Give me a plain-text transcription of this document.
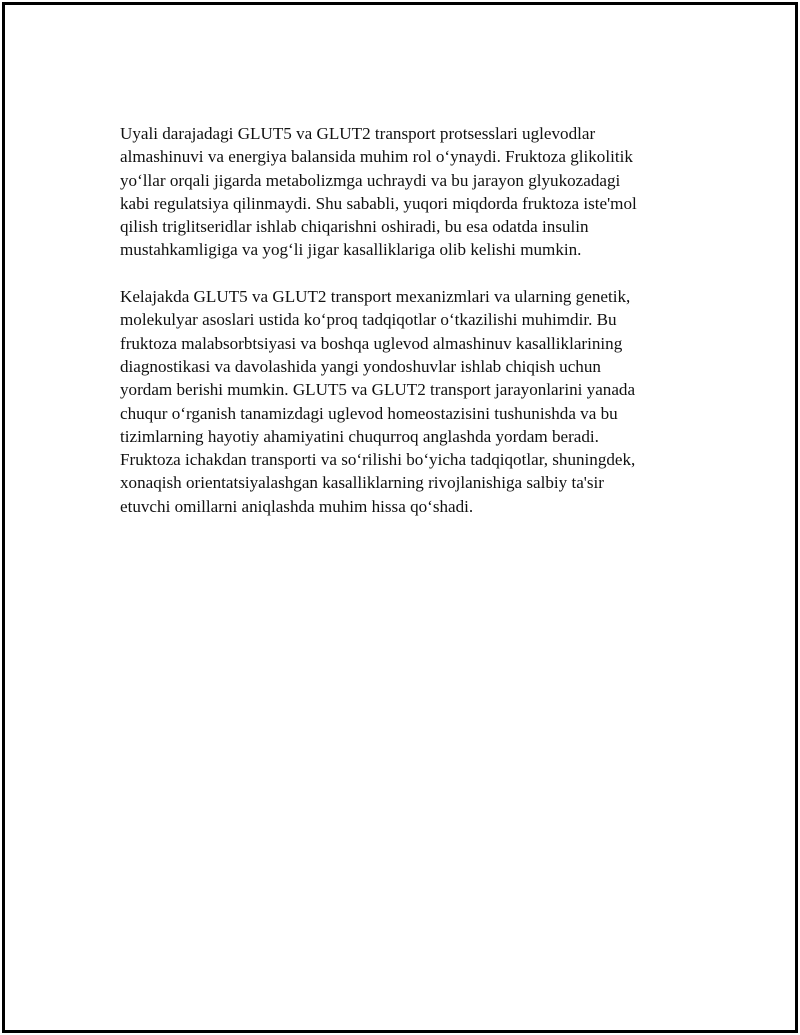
Uyali darajadagi GLUT5 va GLUT2 transport protsesslari uglevodlar
almashinuvi va energiya balansida muhim rol o‘ynaydi. Fruktoza glikolitik
yo‘llar orqali jigarda metabolizmga uchraydi va bu jarayon glyukozadagi
kabi regulatsiya qilinmaydi. Shu sababli, yuqori miqdorda fruktoza iste'mol
qilish triglitseridlar ishlab chiqarishni oshiradi, bu esa odatda insulin
mustahkamligiga va yog‘li jigar kasalliklariga olib kelishi mumkin.

Kelajakda GLUT5 va GLUT2 transport mexanizmlari va ularning genetik,
molekulyar asoslari ustida ko‘proq tadqiqotlar o‘tkazilishi muhimdir. Bu
fruktoza malabsorbtsiyasi va boshqa uglevod almashinuv kasalliklarining
diagnostikasi va davolashida yangi yondoshuvlar ishlab chiqish uchun
yordam berishi mumkin. GLUT5 va GLUT2 transport jarayonlarini yanada
chuqur o‘rganish tanamizdagi uglevod homeostazisini tushunishda va bu
tizimlarning hayotiy ahamiyatini chuqurroq anglashda yordam beradi.
Fruktoza ichakdan transporti va so‘rilishi bo‘yicha tadqiqotlar, shuningdek,
xonaqish orientatsiyalashgan kasalliklarning rivojlanishiga salbiy ta'sir
etuvchi omillarni aniqlashda muhim hissa qo‘shadi.
